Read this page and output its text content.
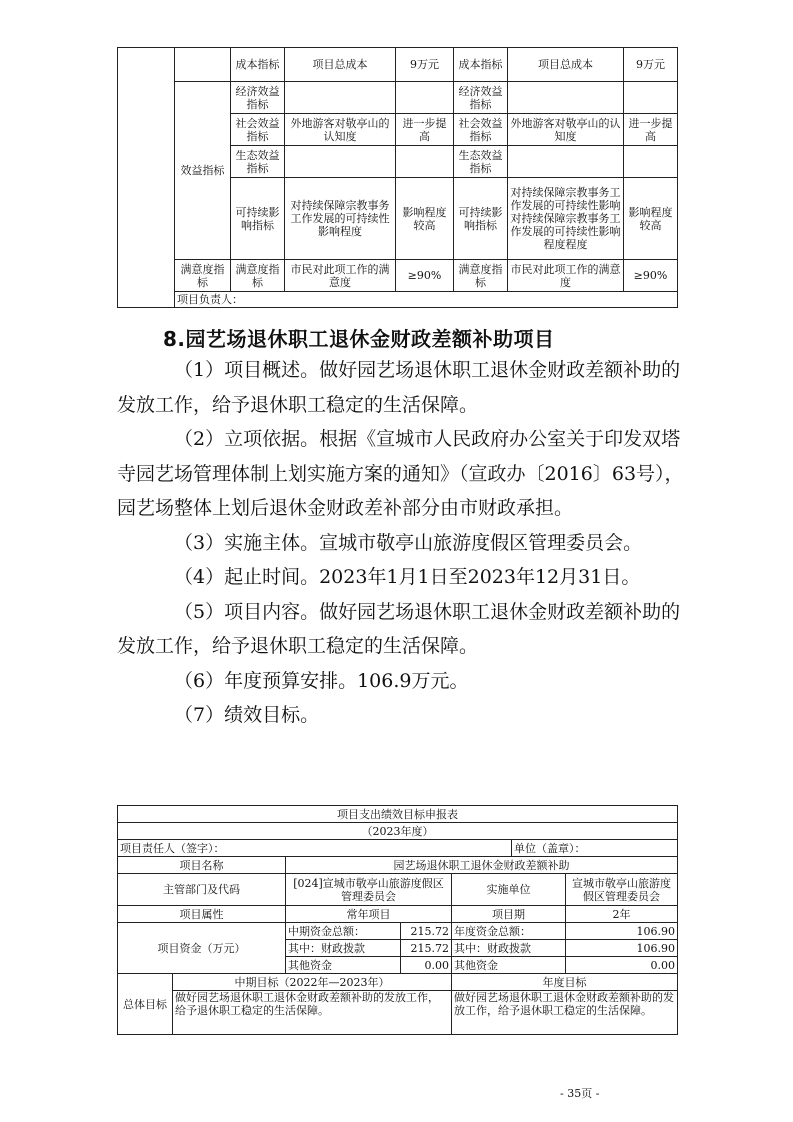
		成本指标	项目总成本	9万元	成本指标	项目总成本	9万元
	效益指标	经济效益指标			经济效益指标		
		社会效益指标	外地游客对敬亭山的认知度	进一步提高	社会效益指标	外地游客对敬亭山的认知度	进一步提高
		生态效益指标			生态效益指标		
		可持续影响指标	对持续保障宗教事务工作发展的可持续性影响程度	影响程度较高	可持续影响指标	对持续保障宗教事务工作发展的可持续性影响对持续保障宗教事务工作发展的可持续性影响程度程度	影响程度较高
	满意度指标	满意度指标	市民对此项工作的满意度	≥90%	满意度指标	市民对此项工作的满意度	≥90%
	项目负责人：						
8.园艺场退休职工退休金财政差额补助项目

（1）项目概述。做好园艺场退休职工退休金财政差额补助的发放工作，给予退休职工稳定的生活保障。

（2）立项依据。根据《宣城市人民政府办公室关于印发双塔寺园艺场管理体制上划实施方案的通知》（宣政办〔2016〕63号），园艺场整体上划后退休金财政差补部分由市财政承担。

（3）实施主体。宣城市敬亭山旅游度假区管理委员会。

（4）起止时间。2023年1月1日至2023年12月31日。

（5）项目内容。做好园艺场退休职工退休金财政差额补助的发放工作，给予退休职工稳定的生活保障。

（6）年度预算安排。106.9万元。

（7）绩效目标。

项目支出绩效目标申报表						
（2023年度）						
项目责任人（签字）：					单位（盖章）：	
项目名称		园艺场退休职工退休金财政差额补助				
主管部门及代码		[024]宣城市敬亭山旅游度假区管理委员会		实施单位		宣城市敬亭山旅游度假区管理委员会
项目属性		常年项目		项目期		2年
项目资金（万元）		中期资金总额：	215.72	年度资金总额：		106.90
		其中：财政拨款	215.72	其中：财政拨款		106.90
		其他资金	0.00	其他资金		0.00
总体目标	中期目标（2022年—2023年）			年度目标		
	做好园艺场退休职工退休金财政差额补助的发放工作，给予退休职工稳定的生活保障。			做好园艺场退休职工退休金财政差额补助的发放工作，给予退休职工稳定的生活保障。		
- 35页 -
